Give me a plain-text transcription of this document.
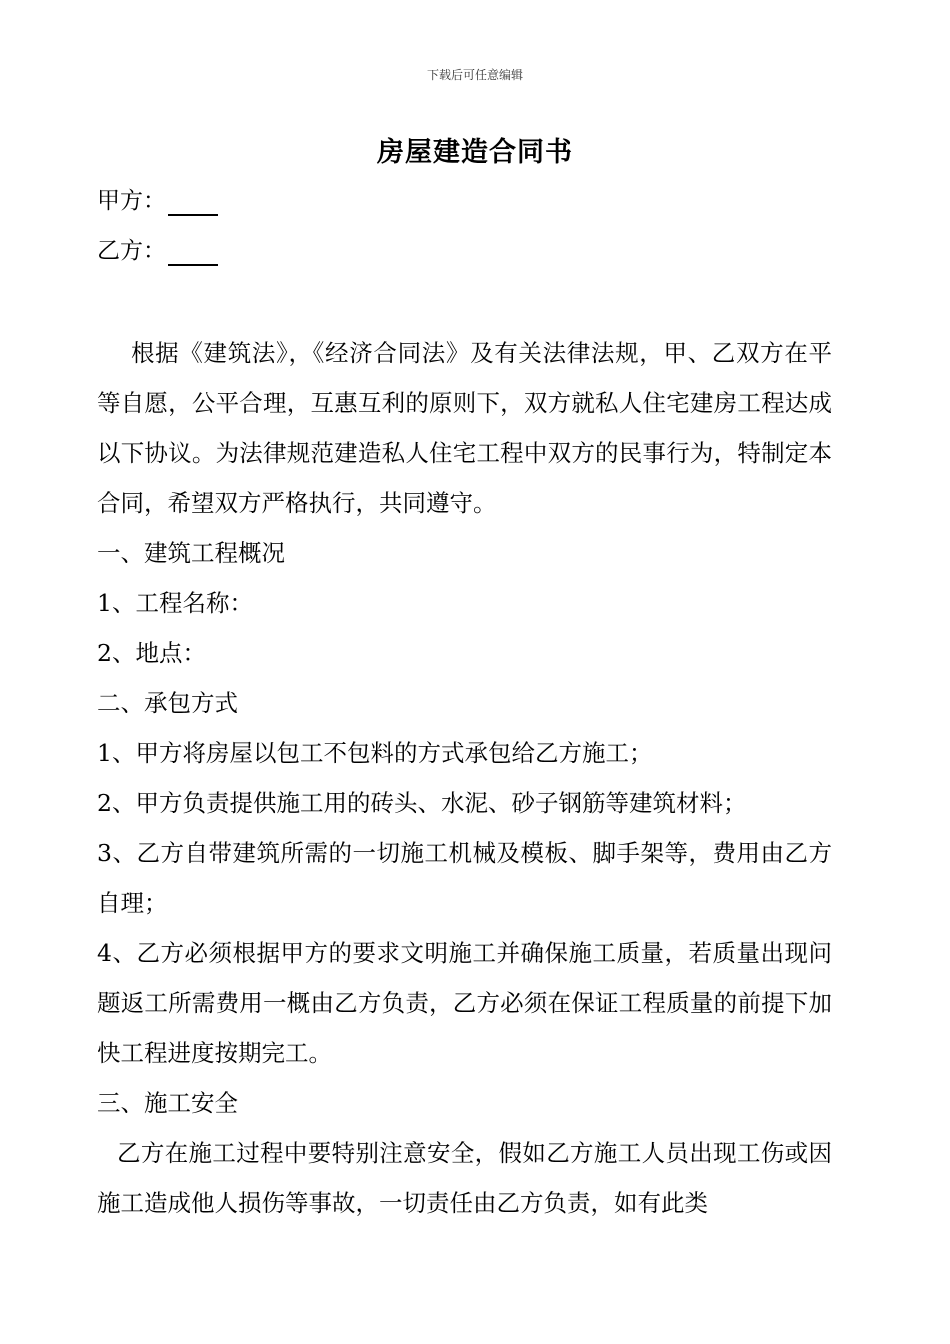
下载后可任意编辑
房屋建造合同书
甲方：
乙方：

根据《建筑法》，《经济合同法》及有关法律法规，甲、乙双方在平等自愿，公平合理，互惠互利的原则下，双方就私人住宅建房工程达成以下协议。为法律规范建造私人住宅工程中双方的民事行为，特制定本合同，希望双方严格执行，共同遵守。

一、建筑工程概况

1、工程名称：

2、地点：

二、承包方式

1、甲方将房屋以包工不包料的方式承包给乙方施工；

2、甲方负责提供施工用的砖头、水泥、砂子钢筋等建筑材料；

3、乙方自带建筑所需的一切施工机械及模板、脚手架等，费用由乙方自理；

4、乙方必须根据甲方的要求文明施工并确保施工质量，若质量出现问题返工所需费用一概由乙方负责，乙方必须在保证工程质量的前提下加快工程进度按期完工。

三、施工安全

乙方在施工过程中要特别注意安全，假如乙方施工人员出现工伤或因施工造成他人损伤等事故，一切责任由乙方负责，如有此类
